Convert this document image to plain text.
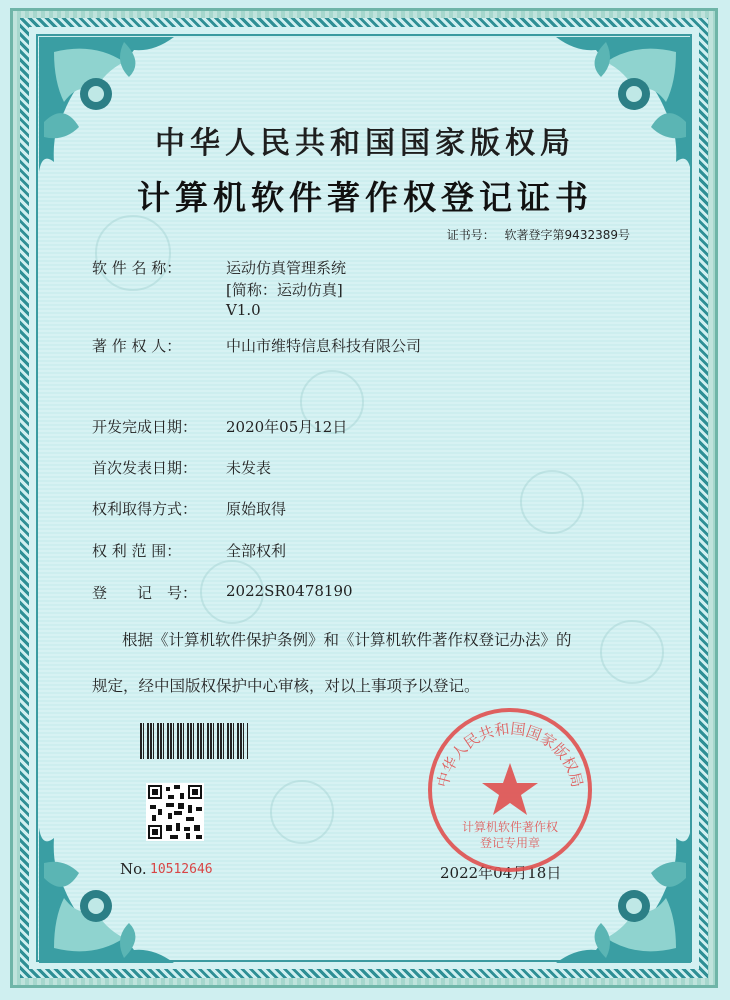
中华人民共和国国家版权局
计算机软件著作权登记证书
证书号： 软著登字第9432389号
软 件 名 称：	运动仿真管理系统
[简称：运动仿真]
V1.0
著 作 权 人：	中山市维特信息科技有限公司
开发完成日期： 2020年05月12日
首次发表日期： 未发表
权利取得方式： 原始取得
权 利 范 围：	全部权利
登　　记　号： 2022SR0478190
根据《计算机软件保护条例》和《计算机软件著作权登记办法》的
规定，经中国版权保护中心审核，对以上事项予以登记。
No. 10512646	2022年04月18日
中华人民共和国国家版权局
计算机软件著作权
登记专用章
